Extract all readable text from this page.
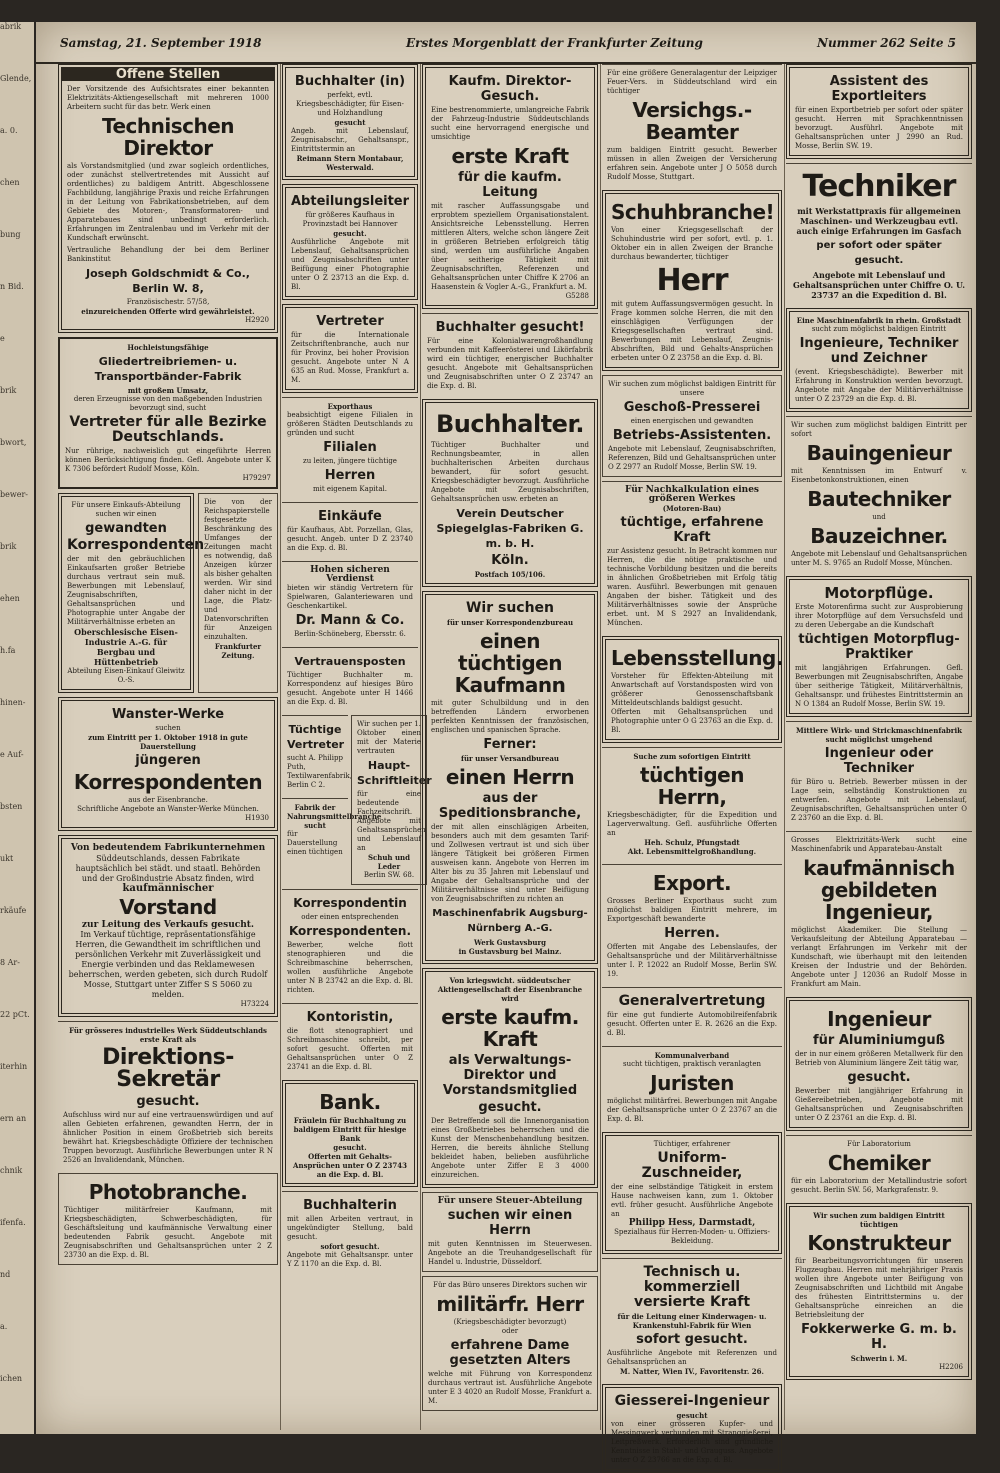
abrik
Glende,
a. 0.
chen
bung
n Bid.
e
brik
bwort,
bewer-
brik
ehen
h.fa
hinen-
e Auf-
bsten
ukt
rkäufe
8 Ar-
22 pCt.
iterhin
ern an
chnik
ifenfa.
nd
a.
ichen
Samstag, 21. September 1918	Erstes Morgenblatt der Frankfurter Zeitung	Nummer 262 Seite 5
Offene Stellen
Der Vorsitzende des Aufsichtsrates einer bekannten Elektrizitäts-Aktiengesellschaft mit mehreren 1000 Arbeitern sucht für das betr. Werk einen
Technischen Direktor
als Vorstandsmitglied (und zwar sogleich ordentliches, oder zunächst stellvertretendes mit Aussicht auf ordentliches) zu baldigem Antritt. Abgeschlossene Fachbildung, langjährige Praxis und reiche Erfahrungen in der Leitung von Fabrikationsbetrieben, auf dem Gebiete des Motoren-, Transformatoren- und Apparatebaues sind unbedingt erforderlich. Erfahrungen im Zentralenbau und im Verkehr mit der Kundschaft erwünscht.
Vertrauliche Behandlung der bei dem Berliner Bankinstitut
Joseph Goldschmidt & Co., Berlin W. 8,
Französischestr. 57/58,
einzureichenden Offerte wird gewährleistet.
H2920
Hochleistungsfähige
Gliedertreibriemen- u. Transportbänder-Fabrik
mit großem Umsatz,
deren Erzeugnisse von den maßgebenden Industrien bevorzugt sind, sucht
Vertreter für alle Bezirke Deutschlands.
Nur rührige, nachweislich gut eingeführte Herren können Berücksichtigung finden. Gefl. Angebote unter K K 7306 befördert Rudolf Mosse, Köln.
H79297
Für unsere Einkaufs-Abteilung suchen wir einen
gewandten
Korrespondenten
der mit den gebräuchlichen Einkaufsarten großer Betriebe durchaus vertraut sein muß. Bewerbungen mit Lebenslauf, Zeugnisabschriften, Gehaltsansprüchen und Photographie unter Angabe der Militärverhältnisse erbeten an
Oberschlesische Eisen-Industrie A.-G. für Bergbau und Hüttenbetrieb
Abteilung Eisen-Einkauf Gleiwitz O.-S.
Die von der Reichspapierstelle festgesetzte Beschränkung des Umfanges der Zeitungen macht es notwendig, daß Anzeigen kürzer als bisher gehalten werden. Wir sind daher nicht in der Lage, die Platz- und Datenvorschriften für Anzeigen einzuhalten.
Frankfurter Zeitung.
Wanster-Werke
suchen
zum Eintritt per 1. Oktober 1918 in gute Dauerstellung
jüngeren
Korrespondenten
aus der Eisenbranche.
Schriftliche Angebote an Wanster-Werke München.
H1930
Von bedeutendem Fabrikunternehmen
Süddeutschlands, dessen Fabrikate hauptsächlich bei städt. und staatl. Behörden und der Großindustrie Absatz finden, wird
kaufmännischer
Vorstand
zur Leitung des Verkaufs gesucht.
Im Verkauf tüchtige, repräsentationsfähige Herren, die Gewandtheit im schriftlichen und persönlichen Verkehr mit Zuverlässigkeit und Energie verbinden und das Reklamewesen beherrschen, werden gebeten, sich durch Rudolf Mosse, Stuttgart unter Ziffer S S 5060 zu melden.
H73224
Für grösseres industrielles Werk Süddeutschlands erste Kraft als
Direktions-Sekretär
gesucht.
Aufschluss wird nur auf eine vertrauenswürdigen und auf allen Gebieten erfahrenen, gewandten Herrn, der in ähnlicher Position in einem Großbetrieb sich bereits bewährt hat. Kriegsbeschädigte Offiziere der technischen Truppen bevorzugt. Ausführliche Bewerbungen unter R N 2526 an Invalidendank, München.
Photobranche.
Tüchtiger militärfreier Kaufmann, mit Kriegsbeschädigten, Schwerbeschädigten, für Geschäftsleitung und kaufmännische Verwaltung einer bedeutenden Fabrik gesucht. Angebote mit Zeugnisabschriften und Gehaltsansprüchen unter 2 Z 23730 an die Exp. d. Bl.
Buchhalter (in)
perfekt, evtl. Kriegsbeschädigter, für Eisen- und Holzhandlung
gesucht
Angeb. mit Lebenslauf, Zeugnisabschr., Gehaltsanspr., Eintrittstermin an
Reimann Stern Montabaur, Westerwald.
Abteilungsleiter
für größeres Kaufhaus in Provinzstadt bei Hannover
gesucht.
Ausführliche Angebote mit Lebenslauf, Gehaltsansprüchen und Zeugnisabschriften unter Beifügung einer Photographie unter O Z 23713 an die Exp. d. Bl.
Vertreter
für die Internationale Zeitschriftenbranche, auch nur für Provinz, bei hoher Provision gesucht. Angebote unter N A 635 an Rud. Mosse, Frankfurt a. M.
Exporthaus
beabsichtigt eigene Filialen in größeren Städten Deutschlands zu gründen und sucht
Filialen
zu leiten, jüngere tüchtige
Herren
mit eigenem Kapital.
Einkäufe
für Kaufhaus, Abt. Porzellan, Glas, gesucht. Angeb. unter D Z 23740 an die Exp. d. Bl.
Hohen sicheren Verdienst
bieten wir ständig Vertretern für Spielwaren, Galanteriewaren und Geschenkartikel.
Dr. Mann & Co.
Berlin-Schöneberg, Ebersstr. 6.
Vertrauensposten
Tüchtiger Buchhalter m. Korrespondenz auf hiesiges Büro gesucht. Angebote unter H 1466 an die Exp. d. Bl.
Tüchtige Vertreter
sucht A. Philipp Puth, Textilwarenfabrik, Berlin C 2.
Fabrik der Nahrungsmittelbranche
sucht
für Dauerstellung einen tüchtigen
Wir suchen per 1. Oktober einen mit der Materie vertrauten
Haupt-Schriftleiter
für eine bedeutende Fachzeitschrift. Angebote mit Gehaltsansprüchen und Lebenslauf an
Schuh und Leder
Berlin SW. 68.
Korrespondentin
oder einen entsprechenden
Korrespondenten.
Bewerber, welche flott stenographieren und die Schreibmaschine beherrschen, wollen ausführliche Angebote unter N B 23742 an die Exp. d. Bl. richten.
Kontoristin,
die flott stenographiert und Schreibmaschine schreibt, per sofort gesucht. Offerten mit Gehaltsansprüchen unter O Z 23741 an die Exp. d. Bl.
Bank.
Fräulein für Buchhaltung zu baldigem Eintritt für hiesige Bank
gesucht.
Offerten mit Gehalts-Ansprüchen unter O Z 23743 an die Exp. d. Bl.
Buchhalterin
mit allen Arbeiten vertraut, in ungekündigter Stellung, bald gesucht.
sofort gesucht.
Angebote mit Gehaltsanspr. unter Y Z 1170 an die Exp. d. Bl.
Kaufm. Direktor-Gesuch.
Eine bestrenommierte, umlangreiche Fabrik der Fahrzeug-Industrie Süddeutschlands sucht eine hervorragend energische und umsichtige
erste Kraft
für die kaufm. Leitung
mit rascher Auffassungsgabe und erprobtem speziellem Organisationstalent. Ansichtsreiche Lebensstellung. Herren mittleren Alters, welche schon längere Zeit in größeren Betrieben erfolgreich tätig sind, werden um ausführliche Angaben über seitherige Tätigkeit mit Zeugnisabschriften, Referenzen und Gehaltsansprüchen unter Chiffre K 2706 an Haasenstein & Vogler A.-G., Frankfurt a. M.
G5288
Buchhalter gesucht!
Für eine Kolonialwarengroßhandlung verbunden mit Kaffeerösterei und Likörfabrik wird ein tüchtiger, energischer Buchhalter gesucht. Angebote mit Gehaltsansprüchen und Zeugnisabschriften unter O Z 23747 an die Exp. d. Bl.
Buchhalter.
Tüchtiger Buchhalter und Rechnungsbeamter, in allen buchhalterischen Arbeiten durchaus bewandert, für sofort gesucht. Kriegsbeschädigter bevorzugt. Ausführliche Angebote mit Zeugnisabschriften, Gehaltsansprüchen usw. erbeten an
Verein Deutscher Spiegelglas-Fabriken G. m. b. H.
Köln.
Postfach 105/106.
Wir suchen
für unser Korrespondenzbureau
einen tüchtigen Kaufmann
mit guter Schulbildung und in den betreffenden Ländern erworbenen perfekten Kenntnissen der französischen, englischen und spanischen Sprache.
Ferner:
für unser Versandbureau
einen Herrn
aus der Speditionsbranche,
der mit allen einschlägigen Arbeiten, besonders auch mit dem gesamten Tarif- und Zollwesen vertraut ist und sich über längere Tätigkeit bei größeren Firmen ausweisen kann. Angebote von Herren im Alter bis zu 35 Jahren mit Lebenslauf und Angabe der Gehaltsansprüche und der Militärverhältnisse sind unter Beifügung von Zeugnisabschriften zu richten an
Maschinenfabrik Augsburg-Nürnberg A.-G.
Werk Gustavsburg
in Gustavsburg bei Mainz.
Von kriegswicht. süddeutscher Aktiengesellschaft der Eisenbranche wird
erste kaufm. Kraft
als Verwaltungs-Direktor und Vorstandsmitglied
gesucht.
Der Betreffende soll die Innenorganisation eines Großbetriebes beherrschen und die Kunst der Menschenbehandlung besitzen. Herren, die bereits ähnliche Stellung bekleidet haben, belieben ausführliche Angebote unter Ziffer E 3 4000 einzureichen.
Für unsere Steuer-Abteilung
suchen wir einen Herrn
mit guten Kenntnissen im Steuerwesen. Angebote an die Treuhandgesellschaft für Handel u. Industrie, Düsseldorf.
Für das Büro unseres Direktors suchen wir
militärfr. Herr
(Kriegsbeschädigter bevorzugt)
oder
erfahrene Dame gesetzten Alters
welche mit Führung von Korrespondenz durchaus vertraut ist. Ausführliche Angebote unter E 3 4020 an Rudolf Mosse, Frankfurt a. M.
Für eine größere Generalagentur der Leipziger Feuer-Vers. in Süddeutschland wird ein tüchtiger
Versichgs.-Beamter
zum baldigen Eintritt gesucht. Bewerber müssen in allen Zweigen der Versicherung erfahren sein. Angebote unter J O 5058 durch Rudolf Mosse, Stuttgart.
Schuhbranche!
Von einer Kriegsgesellschaft der Schuhindustrie wird per sofort, evtl. p. 1. Oktober ein in allen Zweigen der Branche durchaus bewanderter, tüchtiger
Herr
mit gutem Auffassungsvermögen gesucht. In Frage kommen solche Herren, die mit den einschlägigen Verfügungen der Kriegsgesellschaften vertraut sind. Bewerbungen mit Lebenslauf, Zeugnis-Abschriften, Bild und Gehalts-Ansprüchen erbeten unter O Z 23758 an die Exp. d. Bl.
Wir suchen zum möglichst baldigen Eintritt für unsere
Geschoß-Presserei
einen energischen und gewandten
Betriebs-Assistenten.
Angebote mit Lebenslauf, Zeugnisabschriften, Referenzen, Bild und Gehaltsansprüchen unter O Z 2977 an Rudolf Mosse, Berlin SW. 19.
Für Nachkalkulation eines größeren Werkes
(Motoren-Bau)
tüchtige, erfahrene Kraft
zur Assistenz gesucht. In Betracht kommen nur Herren, die die nötige praktische und technische Vorbildung besitzen und die bereits in ähnlichen Großbetrieben mit Erfolg tätig waren. Ausführl. Bewerbungen mit genauen Angaben der bisher. Tätigkeit und des Militärverhältnisses sowie der Ansprüche erbet. unt. M S 2927 an Invalidendank, München.
Lebensstellung.
Vorsteher für Effekten-Abteilung mit Anwartschaft auf Vorstandsposten wird von größerer Genossenschaftsbank Mitteldeutschlands baldigst gesucht.
Offerten mit Gehaltsansprüchen und Photographie unter O G 23763 an die Exp. d. Bl.
Suche zum sofortigen Eintritt
tüchtigen Herrn,
Kriegsbeschädigter, für die Expedition und Lagerverwaltung. Gefl. ausführliche Offerten an
Heh. Schulz, Pfungstadt
Akt. Lebensmittelgroßhandlung.
Export.
Grosses Berliner Exporthaus sucht zum möglichst baldigen Eintritt mehrere, im Exportgeschäft bewanderte
Herren.
Offerten mit Angabe des Lebenslaufes, der Gehaltsansprüche und der Militärverhältnisse unter I. P. 12022 an Rudolf Mosse, Berlin SW. 19.
Generalvertretung
für eine gut fundierte Automobilreifenfabrik gesucht. Offerten unter E. R. 2626 an die Exp. d. Bl.
Kommunalverband
sucht tüchtigen, praktisch veranlagten
Juristen
möglichst militärfrei. Bewerbungen mit Angabe der Gehaltsansprüche unter O Z 23767 an die Exp. d. Bl.
Tüchtiger, erfahrener
Uniform-Zuschneider,
der eine selbständige Tätigkeit in erstem Hause nachweisen kann, zum 1. Oktober evtl. früher gesucht. Ausführliche Angebote an
Philipp Hess, Darmstadt,
Spezialhaus für Herren-Moden- u. Offiziers-Bekleidung.
Technisch u. kommerziell versierte Kraft
für die Leitung einer Kinderwagen- u. Krankenstuhl-Fabrik für Wien
sofort gesucht.
Ausführliche Angebote mit Referenzen und Gehaltsansprüchen an
M. Natter, Wien IV., Favoritenstr. 26.
Giesserei-Ingenieur
gesucht
von einer grösseren Kupfer- und Messingwerk verbunden mit Stranggießerei, Leitpreßwerk. Erforderlich sind gründliche Kenntnisse in Stahl- und Grauguss. Angebote unter O Z 23766 an die Exp. d. Bl.
Assistent des Exportleiters
für einen Exportbetrieb per sofort oder später gesucht. Herren mit Sprachkenntnissen bevorzugt. Ausführl. Angebote mit Gehaltsansprüchen unter J 2990 an Rud. Mosse, Berlin SW. 19.
Techniker
mit Werkstattpraxis für allgemeinen Maschinen- und Werkzeugbau evtl. auch einige Erfahrungen im Gasfach
per sofort oder später gesucht.
Angebote mit Lebenslauf und Gehaltsansprüchen unter Chiffre O. U. 23737 an die Expedition d. Bl.
Eine Maschinenfabrik in rhein. Großstadt
sucht zum möglichst baldigen Eintritt
Ingenieure, Techniker und Zeichner
(event. Kriegsbeschädigte). Bewerber mit Erfahrung in Konstruktion werden bevorzugt. Angebote mit Angabe der Militärverhältnisse unter O Z 23729 an die Exp. d. Bl.
Wir suchen zum möglichst baldigen Eintritt per sofort
Bauingenieur
mit Kenntnissen im Entwurf v. Eisenbetonkonstruktionen, einen
Bautechniker
und
Bauzeichner.
Angebote mit Lebenslauf und Gehaltsansprüchen unter M. S. 9765 an Rudolf Mosse, München.
Motorpflüge.
Erste Motorenfirma sucht zur Ausprobierung ihrer Motorpflüge auf dem Versuchsfeld und zu deren Uebergabe an die Kundschaft
tüchtigen Motorpflug-Praktiker
mit langjährigen Erfahrungen. Gefl. Bewerbungen mit Zeugnisabschriften, Angabe über seitherige Tätigkeit, Militärverhältnis, Gehaltsanspr. und frühestes Eintrittstermin an N O 1384 an Rudolf Mosse, Berlin SW. 19.
Mittlere Wirk- und Strickmaschinenfabrik sucht möglichst umgehend
Ingenieur oder Techniker
für Büro u. Betrieb. Bewerber müssen in der Lage sein, selbständig Konstruktionen zu entwerfen. Angebote mit Lebenslauf, Zeugnisabschriften, Gehaltsansprüchen unter O Z 23760 an die Exp. d. Bl.
Grosses Elektrizitäts-Werk sucht eine Maschinenfabrik und Apparatebau-Anstalt
kaufmännisch gebildeten Ingenieur,
möglichst Akademiker. Die Stellung — Verkaufsleitung der Abteilung Apparatebau — verlangt Erfahrungen im Verkehr mit der Kundschaft, wie überhaupt mit den leitenden Kreisen der Industrie und der Behörden. Angebote unter J 12036 an Rudolf Mosse in Frankfurt am Main.
Ingenieur
für Aluminiumguß
der in nur einem größeren Metallwerk für den Betrieb von Aluminium längere Zeit tätig war,
gesucht.
Bewerber mit langjähriger Erfahrung in Gießereibetrieben, Angebote mit Gehaltsansprüchen und Zeugnisabschriften unter O Z 23761 an die Exp. d. Bl.
Für Laboratorium
Chemiker
für ein Laboratorium der Metallindustrie sofort gesucht. Berlin SW. 56, Markgrafenstr. 9.
Wir suchen zum baldigen Eintritt
tüchtigen
Konstrukteur
für Bearbeitungsvorrichtungen für unseren Flugzeugbau. Herren mit mehrjähriger Praxis wollen ihre Angebote unter Beifügung von Zeugnisabschriften und Lichtbild mit Angabe des frühesten Eintrittstermins u. der Gehaltsansprüche einreichen an die Betriebsleitung der
Fokkerwerke G. m. b. H.
Schwerin i. M.
H2206
